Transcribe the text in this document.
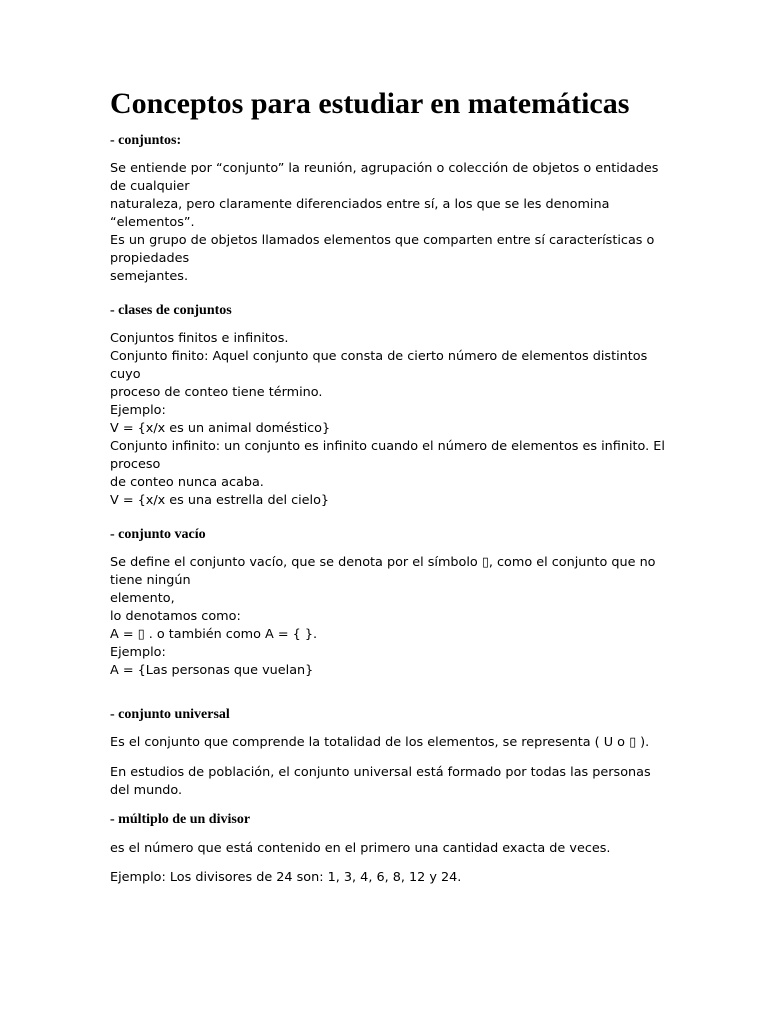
Conceptos para estudiar en matemáticas
- conjuntos:
Se entiende por “conjunto” la reunión, agrupación o colección de objetos o entidades
de cualquier
naturaleza, pero claramente diferenciados entre sí, a los que se les denomina
“elementos”.
Es un grupo de objetos llamados elementos que comparten entre sí características o
propiedades
semejantes.
- clases de conjuntos
Conjuntos finitos e infinitos.
Conjunto finito: Aquel conjunto que consta de cierto número de elementos distintos
cuyo
proceso de conteo tiene término.
Ejemplo:
V = {x/x es un animal doméstico}
Conjunto infinito: un conjunto es infinito cuando el número de elementos es infinito. El
proceso
de conteo nunca acaba.
V = {x/x es una estrella del cielo}
- conjunto vacío
Se define el conjunto vacío, que se denota por el símbolo ▯, como el conjunto que no
tiene ningún
elemento,
lo denotamos como:
A = ▯ . o también como A = { }.
Ejemplo:
A = {Las personas que vuelan}
- conjunto universal
Es el conjunto que comprende la totalidad de los elementos, se representa ( U o ▯ ).
En estudios de población, el conjunto universal está formado por todas las personas
del mundo.
- múltiplo de un divisor
es el número que está contenido en el primero una cantidad exacta de veces.
Ejemplo: Los divisores de 24 son: 1, 3, 4, 6, 8, 12 y 24.
